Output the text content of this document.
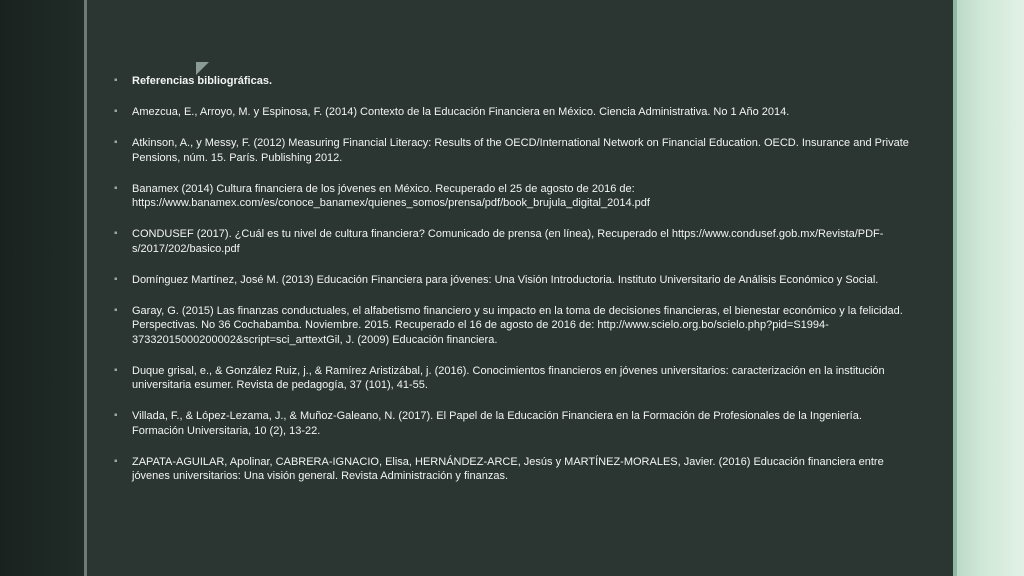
▪ Referencias bibliográficas.
▪ Amezcua, E., Arroyo, M. y Espinosa, F. (2014) Contexto de la Educación Financiera en México. Ciencia Administrativa. No 1 Año 2014.
▪ Atkinson, A., y Messy, F. (2012) Measuring Financial Literacy: Results of the OECD/International Network on Financial Education. OECD. Insurance and Private Pensions, núm. 15. París. Publishing 2012.
▪ Banamex (2014) Cultura financiera de los jóvenes en México. Recuperado el 25 de agosto de 2016 de: https://www.banamex.com/es/conoce_banamex/quienes_somos/prensa/pdf/book_brujula_digital_2014.pdf
▪ CONDUSEF (2017). ¿Cuál es tu nivel de cultura financiera? Comunicado de prensa (en línea), Recuperado el https://www.condusef.gob.mx/Revista/PDF-s/2017/202/basico.pdf
▪ Domínguez Martínez, José M. (2013) Educación Financiera para jóvenes: Una Visión Introductoria. Instituto Universitario de Análisis Económico y Social.
▪ Garay, G. (2015) Las finanzas conductuales, el alfabetismo financiero y su impacto en la toma de decisiones financieras, el bienestar económico y la felicidad. Perspectivas. No 36 Cochabamba. Noviembre. 2015. Recuperado el 16 de agosto de 2016 de: http://www.scielo.org.bo/scielo.php?pid=S1994-37332015000200002&script=sci_arttextGil, J. (2009) Educación financiera.
▪ Duque grisal, e., & González Ruiz, j., & Ramírez Aristizábal, j. (2016). Conocimientos financieros en jóvenes universitarios: caracterización en la institución universitaria esumer. Revista de pedagogía, 37 (101), 41-55.
▪ Villada, F., & López-Lezama, J., & Muñoz-Galeano, N. (2017). El Papel de la Educación Financiera en la Formación de Profesionales de la Ingeniería. Formación Universitaria, 10 (2), 13-22.
▪ ZAPATA-AGUILAR, Apolinar, CABRERA-IGNACIO, Elisa, HERNÁNDEZ-ARCE, Jesús y MARTÍNEZ-MORALES, Javier. (2016) Educación financiera entre jóvenes universitarios: Una visión general. Revista Administración y finanzas.
